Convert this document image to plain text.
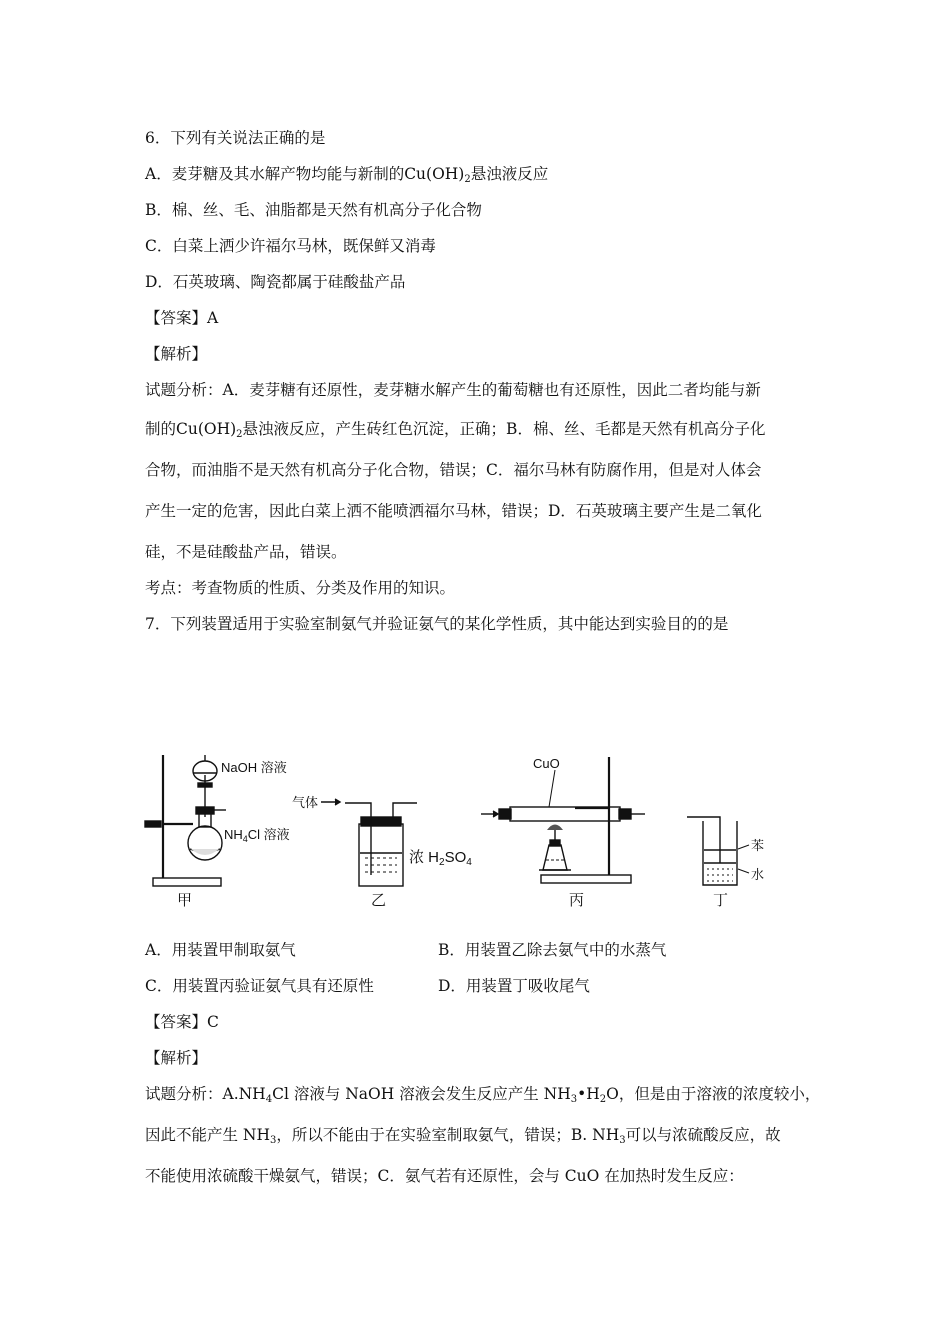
6．下列有关说法正确的是
A．麦芽糖及其水解产物均能与新制的$Cu(OH)_2$悬浊液反应
B．棉、丝、毛、油脂都是天然有机高分子化合物
C．白菜上洒少许福尔马林，既保鲜又消毒
D．石英玻璃、陶瓷都属于硅酸盐产品
【答案】A
【解析】
试题分析：A．麦芽糖有还原性，麦芽糖水解产生的葡萄糖也有还原性，因此二者均能与新
制的$Cu(OH)_2$悬浊液反应，产生砖红色沉淀，正确；B．棉、丝、毛都是天然有机高分子化
合物，而油脂不是天然有机高分子化合物，错误；C．福尔马林有防腐作用，但是对人体会
产生一定的危害，因此白菜上洒不能喷洒福尔马林，错误；D．石英玻璃主要产生是二氧化
硅，不是硅酸盐产品，错误。
考点：考查物质的性质、分类及作用的知识。
7．下列装置适用于实验室制氨气并验证氨气的某化学性质，其中能达到实验目的的是
NaOH 溶液
$NH_4Cl$ 溶液
甲
气体
浓 $H_2SO_4$
乙
CuO
丙
苯
水
丁
A．用装置甲制取氨气	B．用装置乙除去氨气中的水蒸气
C．用装置丙验证氨气具有还原性	D．用装置丁吸收尾气
【答案】C
【解析】
试题分析：$A.NH_4Cl$ 溶液与 NaOH 溶液会发生反应产生 $NH_3•H_2O$，但是由于溶液的浓度较小，
因此不能产生 $NH_3$，所以不能由于在实验室制取氨气，错误；B. $NH_3$可以与浓硫酸反应，故
不能使用浓硫酸干燥氨气，错误；C．氨气若有还原性，会与 CuO 在加热时发生反应：
